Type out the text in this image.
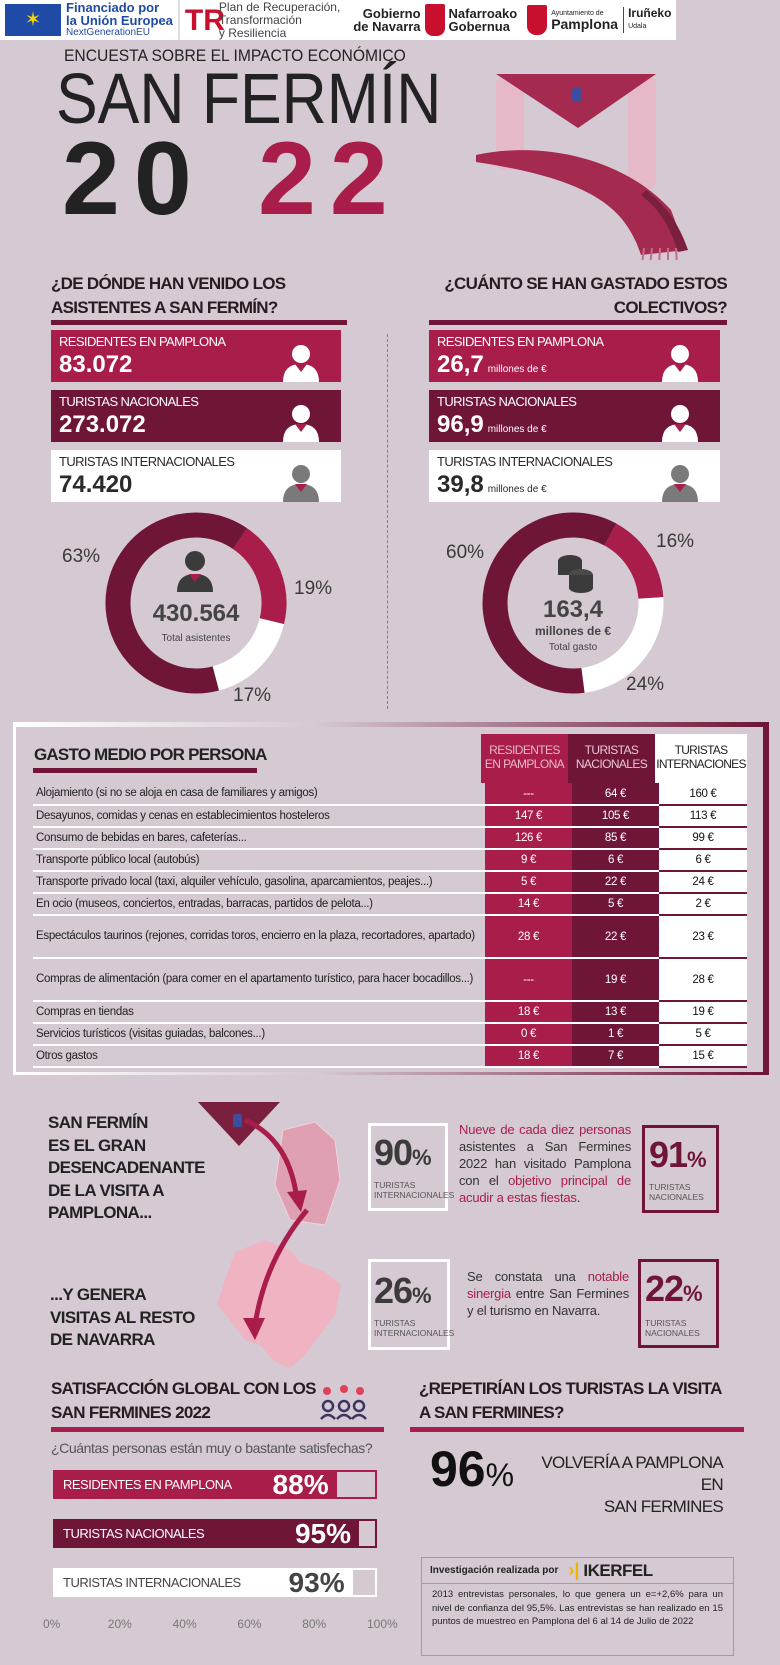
✶
Financiado por
la Unión Europea
NextGenerationEU	TR
Plan de Recuperación,
Transformación
y Resiliencia
Gobierno
de Navarra
Nafarroako
Gobernua
Ayuntamiento de
Pamplona
Iruñeko
Udala
ENCUESTA SOBRE EL IMPACTO ECONÓMICO
SAN FERMÍN
20 22
¿DE DÓNDE HAN VENIDO LOS ASISTENTES A SAN FERMÍN?
¿CUÁNTO SE HAN GASTADO ESTOS COLECTIVOS?
RESIDENTES EN PAMPLONA
83.072
TURISTAS NACIONALES
273.072
TURISTAS INTERNACIONALES
74.420
RESIDENTES EN PAMPLONA
26,7 millones de €
TURISTAS NACIONALES
96,9 millones de €
TURISTAS INTERNACIONALES
39,8 millones de €
430.564
Total asistentes
163,4
millones de €
Total gasto
63%
19%
17%
60%
16%
24%
GASTO MEDIO POR PERSONA	RESIDENTES EN PAMPLONA
TURISTAS NACIONALES
TURISTAS INTERNACIONES
Alojamiento (si no se aloja en casa de familiares y amigos)	---	64 €	160 €
Desayunos, comidas y cenas en establecimientos hosteleros	147 €	105 €	113 €
Consumo de bebidas en bares, cafeterías...	126 €	85 €	99 €
Transporte público local (autobús)	9 €	6 €	6 €
Transporte privado local (taxi, alquiler vehículo, gasolina, aparcamientos, peajes...)	5 €	22 €	24 €
En ocio (museos, conciertos, entradas, barracas, partidos de pelota...)	14 €	5 €	2 €
Espectáculos taurinos (rejones, corridas toros, encierro en la plaza, recortadores, apartado)	28 €	22 €	23 €
Compras de alimentación (para comer en el apartamento turístico, para hacer bocadillos...)	---	19 €	28 €
Compras en tiendas	18 €	13 €	19 €
Servicios turísticos (visitas guiadas, balcones...)	0 €	1 €	5 €
Otros gastos	18 €	7 €	15 €
SAN FERMÍN
ES EL GRAN
DESENCADENANTE
DE LA VISITA A
PAMPLONA...
...Y GENERA
VISITAS AL RESTO
DE NAVARRA
90%
TURISTAS INTERNACIONALES
Nueve de cada diez personas asistentes a San Fermines 2022 han visitado Pamplona con el objetivo principal de acudir a estas fiestas.
91%
TURISTAS NACIONALES
26%
TURISTAS INTERNACIONALES
Se constata una notable sinergia entre San Fermines y el turismo en Navarra.
22%
TURISTAS NACIONALES
SATISFACCIÓN GLOBAL CON LOS
SAN FERMINES 2022
¿Cuántas personas están muy o bastante satisfechas?
RESIDENTES EN PAMPLONA 88%
TURISTAS NACIONALES	95%
TURISTAS INTERNACIONALES 93%
0%	20%	40%	60%	80%	100%
¿REPETIRÍAN LOS TURISTAS LA VISITA
A SAN FERMINES?
96%	VOLVERÍA A PAMPLONA EN
SAN FERMINES
Investigación realizada por ›| IKERFEL
2013 entrevistas personales, lo que genera un e=+2,6% para un nivel de confianza del 95,5%. Las entrevistas se han realizado en 15 puntos de muestreo en Pamplona del 6 al 14 de Julio de 2022
